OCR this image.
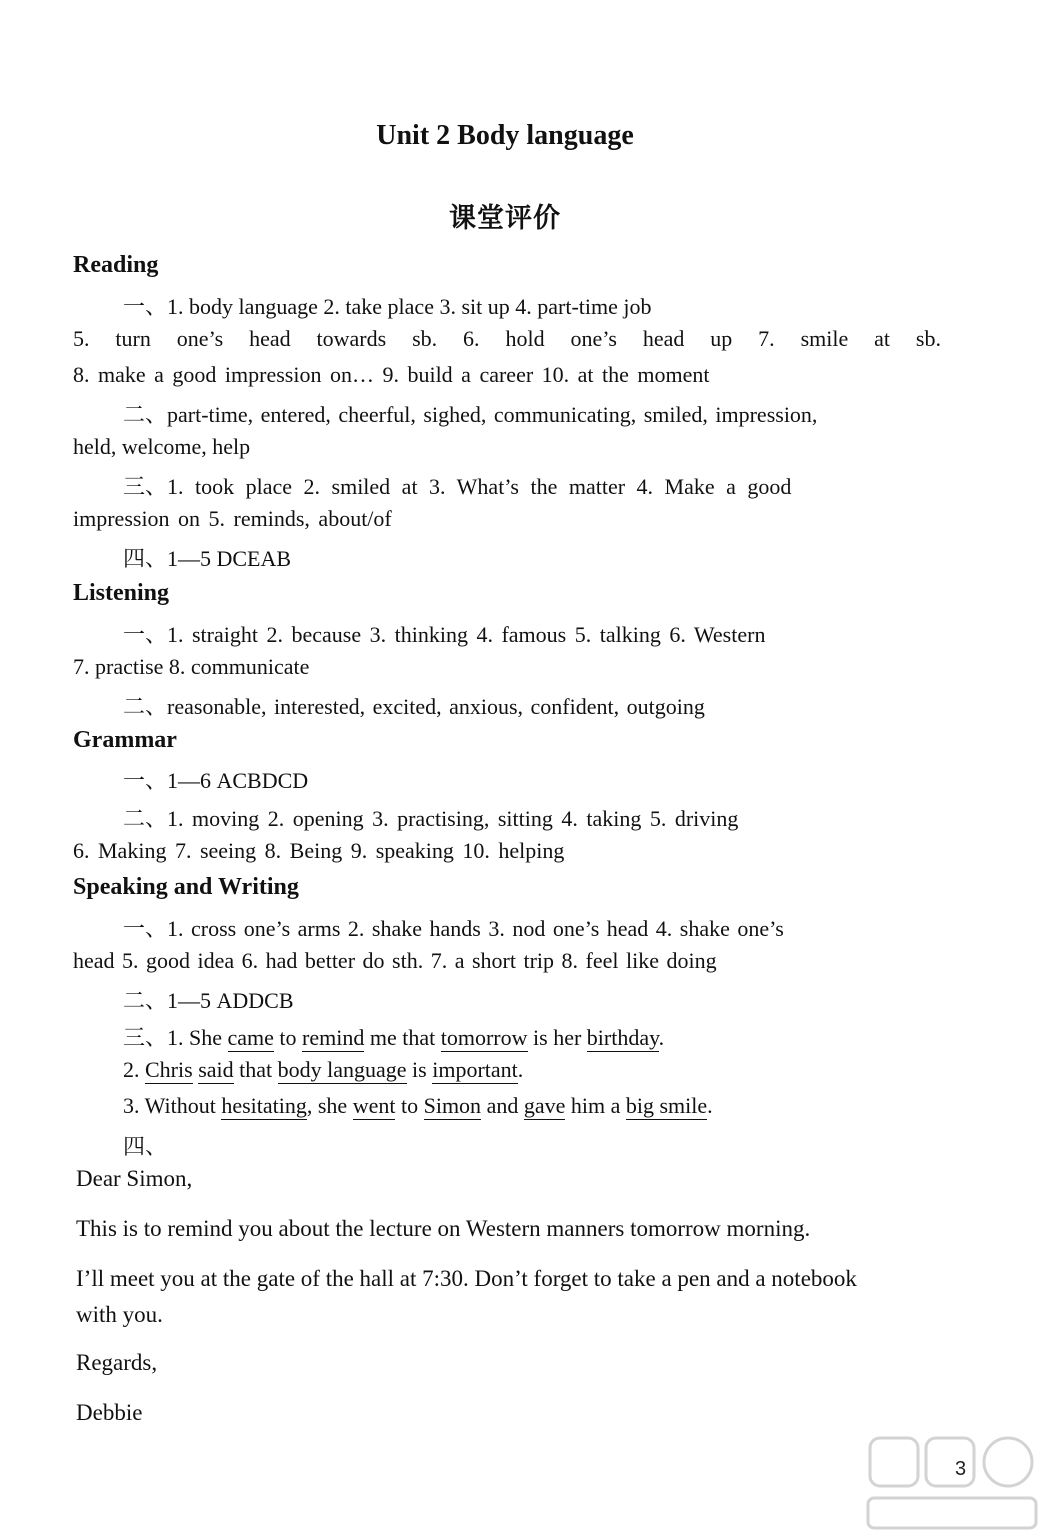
Unit 2 Body language
课堂评价
Reading
一、1. body language 2. take place 3. sit up 4. part-time job
5. turn one’s head towards sb. 6. hold one’s head up 7. smile at sb.
8. make a good impression on… 9. build a career 10. at the moment
二、part-time, entered, cheerful, sighed, communicating, smiled, impression,
held, welcome, help
三、1. took place 2. smiled at 3. What’s the matter 4. Make a good
impression on 5. reminds, about/of
四、1—5 DCEAB
Listening
一、1. straight 2. because 3. thinking 4. famous 5. talking 6. Western
7. practise 8. communicate
二、reasonable, interested, excited, anxious, confident, outgoing
Grammar
一、1—6 ACBDCD
二、1. moving 2. opening 3. practising, sitting 4. taking 5. driving
6. Making 7. seeing 8. Being 9. speaking 10. helping
Speaking and Writing
一、1. cross one’s arms 2. shake hands 3. nod one’s head 4. shake one’s
head 5. good idea 6. had better do sth. 7. a short trip 8. feel like doing
二、1—5 ADDCB
三、1. She came to remind me that tomorrow is her birthday.
2. Chris said that body language is important.
3. Without hesitating, she went to Simon and gave him a big smile.
四、
Dear Simon,
This is to remind you about the lecture on Western manners tomorrow morning.
I’ll meet you at the gate of the hall at 7:30. Don’t forget to take a pen and a notebook
with you.
Regards,
Debbie
3
